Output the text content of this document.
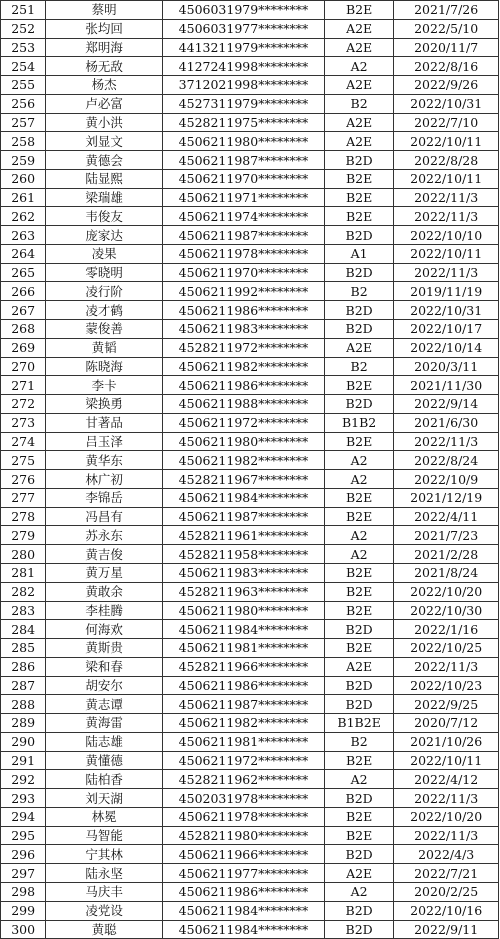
251	蔡明	4506031979********	B2E	2021/7/26
252	张均回	4506031977********	A2E	2022/5/10
253	郑明海	4413211979********	A2E	2020/11/7
254	杨无敌	4127241998********	A2	2022/8/16
255	杨杰	3712021998********	A2E	2022/9/26
256	卢必富	4527311979********	B2	2022/10/31
257	黄小洪	4528211975********	A2E	2022/7/10
258	刘显文	4506211980********	A2E	2022/10/11
259	黄德会	4506211987********	B2D	2022/8/28
260	陆显熙	4506211970********	B2E	2022/10/11
261	梁瑞雄	4506211971********	B2E	2022/11/3
262	韦俊友	4506211974********	B2E	2022/11/3
263	庞家达	4506211987********	B2D	2022/10/10
264	凌果	4506211978********	A1	2022/10/11
265	零晓明	4506211970********	B2D	2022/11/3
266	凌行阶	4506211992********	B2	2019/11/19
267	凌才鹤	4506211986********	B2D	2022/10/31
268	蒙俊善	4506211983********	B2D	2022/10/17
269	黄韬	4528211972********	A2E	2022/10/14
270	陈晓海	4506211982********	B2	2020/3/11
271	李卡	4506211986********	B2E	2021/11/30
272	梁换勇	4506211988********	B2D	2022/9/14
273	甘著品	4506211972********	B1B2	2021/6/30
274	吕玉泽	4506211980********	B2E	2022/11/3
275	黄华东	4506211982********	A2	2022/8/24
276	林广初	4528211967********	A2	2022/10/9
277	李锦岳	4506211984********	B2E	2021/12/19
278	冯昌有	4506211987********	B2E	2022/4/11
279	苏永东	4528211961********	A2	2021/7/23
280	黄吉俊	4528211958********	A2	2021/2/28
281	黄万星	4506211983********	B2E	2021/8/24
282	黄敢余	4528211963********	B2E	2022/10/20
283	李桂腾	4506211980********	B2E	2022/10/30
284	何海欢	4506211984********	B2D	2022/1/16
285	黄斯贵	4506211981********	B2E	2022/10/25
286	梁和春	4528211966********	A2E	2022/11/3
287	胡安尔	4506211986********	B2D	2022/10/23
288	黄志谭	4506211987********	B2D	2022/9/25
289	黄海雷	4506211982********	B1B2E	2020/7/12
290	陆志雄	4506211981********	B2	2021/10/26
291	黄懂德	4506211972********	B2E	2022/10/11
292	陆柏香	4528211962********	A2	2022/4/12
293	刘天湖	4502031978********	B2D	2022/11/3
294	林冕	4506211978********	B2E	2022/10/20
295	马智能	4528211980********	B2E	2022/11/3
296	宁其林	4506211966********	B2D	2022/4/3
297	陆永坚	4506211977********	A2E	2022/7/21
298	马庆丰	4506211986********	A2	2020/2/25
299	凌党设	4506211984********	B2D	2022/10/16
300	黄聪	4506211984********	B2D	2022/9/11
